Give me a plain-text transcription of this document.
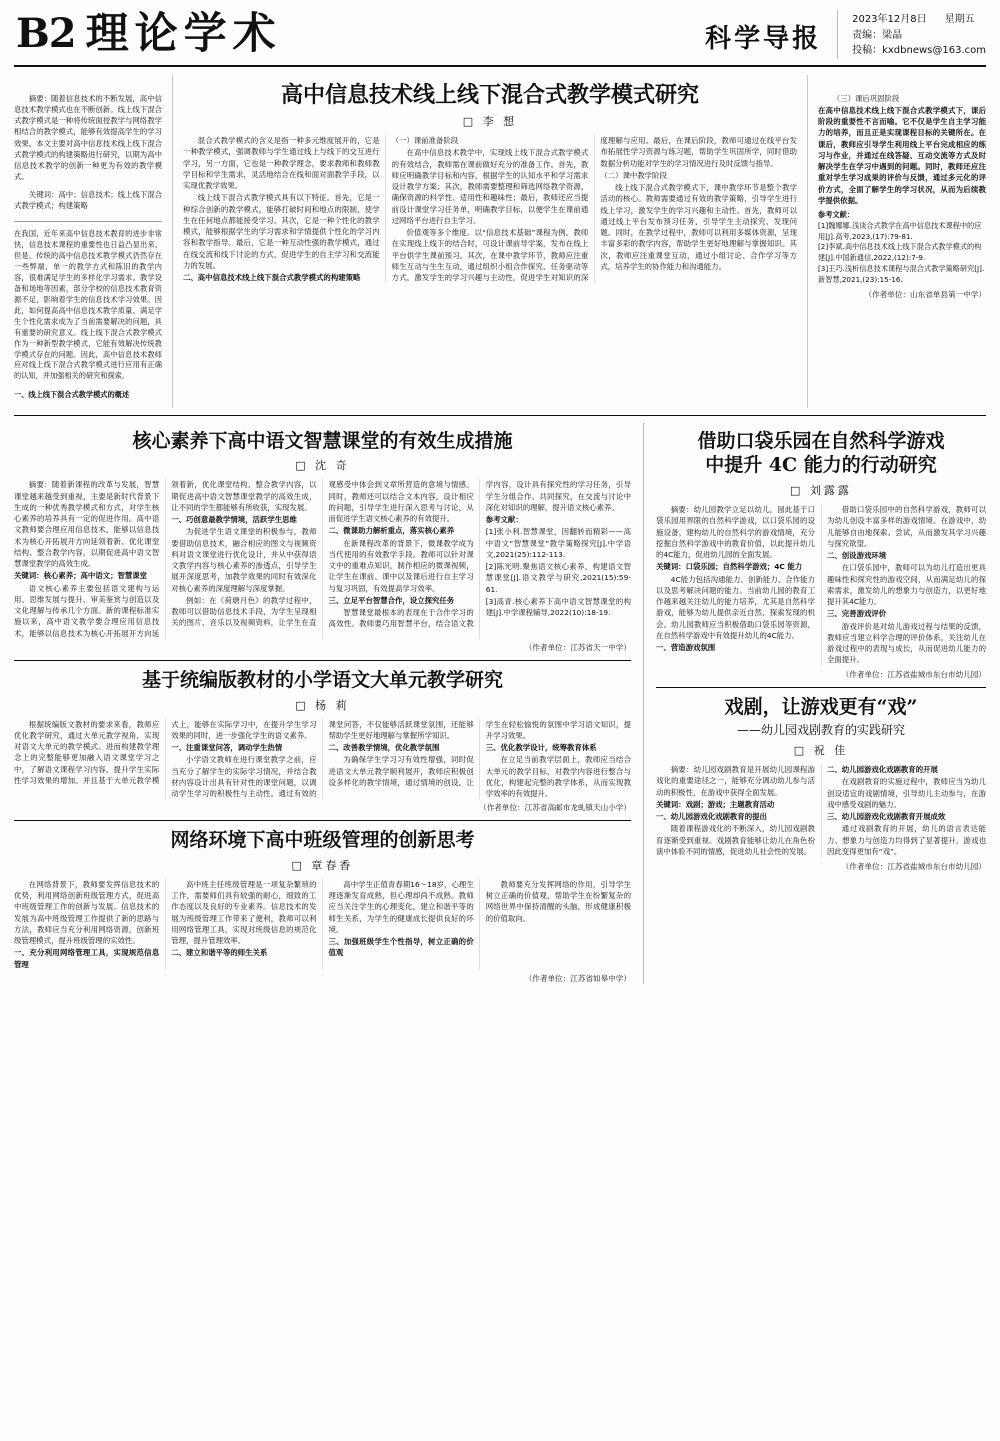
B2 理论学术	科学导报
2023年12月8日 星期五
责编：梁晶
投稿：kxdbnews@163.com

摘要：随着信息技术的不断发展，高中信息技术教学模式也在不断创新。线上线下混合式教学模式是一种将传统面授教学与网络教学相结合的教学模式，能够有效提高学生的学习效果。本文主要对高中信息技术线上线下混合式教学模式的构建策略进行研究，以期为高中信息技术教学的创新一种更为有效的教学模式。

关键词：高中；信息技术；线上线下混合式教学模式；构建策略

在我国，近年来高中信息技术教育的进步非常快，信息技术课程的重要性也日益凸显出来。但是，传统的高中信息技术教学模式仍然存在一些弊端，单一的教学方式和陈旧的教学内容，很难满足学生的多样化学习需求。教学设备和场地等因素，部分学校的信息技术教育资源不足，影响着学生的信息技术学习效果。因此，如何提高高中信息技术教学质量、满足学生个性化需求成为了当前需要解决的问题，具有重要的研究意义。线上线下混合式教学模式作为一种新型教学模式，它能有效解决传统教学模式存在的问题。因此，高中信息技术教师应对线上线下混合式教学模式进行应用有正确的认知，并加强相关的研究和探索。

一、线上线下混合式教学模式的概述

高中信息技术线上线下混合式教学模式研究
□ 李 想

混合式教学模式的含义是指一种多元维度展开的，它是一种教学模式，强调教师与学生通过线上与线下的交互进行学习，另一方面，它也是一种教学理念，要求教师和教师教学目标和学生需求，灵活地结合在线和面对面教学手段，以实现优教学效果。

线上线下混合式教学模式具有以下特征。首先，它是一种综合创新的教学模式，能够打破时间和地点的限制，使学生在任何地点都能接受学习。其次，它是一种个性化的教学模式，能够根据学生的学习需求和学情提供个性化的学习内容和教学指导。最后，它是一种互动性强的教学模式，通过在线交流和线下讨论的方式，促进学生的自主学习和交流能力的发展。

二、高中信息技术线上线下混合式教学模式的构建策略

（一）课前准备阶段

在高中信息技术教学中，实现线上线下混合式教学模式的有效结合，教师需在课前做好充分的准备工作。首先，教师应明确教学目标和内容，根据学生的认知水平和学习需求设计教学方案；其次，教师需要整理和筛选网络教学资源，确保资源的科学性、适用性和趣味性；最后，教师还应当提前设计课堂学习任务单，明确教学目标，以便学生在课前通过网络平台进行自主学习。

价值观等多个维度。以“信息技术基础”课程为例，教师在实现线上线下的结合时，可设计课前导学案，发布在线上平台供学生课前预习。其次，在课中教学环节，教师应注重师生互动与生生互动，通过组织小组合作探究、任务驱动等方式，激发学生的学习兴趣与主动性，促进学生对知识的深度理解与应用。最后，在课后阶段，教师可通过在线平台发布拓展性学习资源与练习题，帮助学生巩固所学，同时借助数据分析功能对学生的学习情况进行及时反馈与指导。

（二）课中教学阶段

线上线下混合式教学模式下，课中教学环节是整个教学活动的核心。教师需要通过有效的教学策略，引导学生进行线上学习，激发学生的学习兴趣和主动性。首先，教师可以通过线上平台发布预习任务，引导学生主动探究、发现问题。同时，在教学过程中，教师可以利用多媒体资源，呈现丰富多彩的教学内容，帮助学生更好地理解与掌握知识。其次，教师应注重课堂互动，通过小组讨论、合作学习等方式，培养学生的协作能力和沟通能力。

（三）课后巩固阶段

在高中信息技术线上线下混合式教学模式下，课后阶段的重要性不言而喻。它不仅是学生自主学习能力的培养，而且正是实现课程目标的关键所在。在课后，教师应引导学生利用线上平台完成相应的练习与作业，并通过在线答疑、互动交流等方式及时解决学生在学习中遇到的问题。同时，教师还应注重对学生学习成果的评价与反馈，通过多元化的评价方式，全面了解学生的学习状况，从而为后续教学提供依据。

参考文献：

[1]魏娜娜.浅谈合式教学在高中信息技术课程中的应用[J].高考,2023,(17):79-81.

[2]李斌.高中信息技术线上线下混合式教学模式的构建[J].中国新通信,2022,(12):7-9.

[3]王巧.浅析信息技术课程与混合式教学策略研究[J].新智慧,2021,(23):15-16.

（作者单位：山东省单县第一中学）
核心素养下高中语文智慧课堂的有效生成措施
□ 沈 奇

摘要：随着新课程的改革与发展，智慧课堂越来越受到重视，主要是新时代背景下生成的一种优秀教学模式和方式，对学生核心素养的培养具有一定的促进作用。高中语文教师要合理应用信息技术，能够以信息技术为核心开拓展开方向延领着新、优化课堂结构、整合教学内容，以期促进高中语文智慧课堂教学的高效生成。

关键词：核心素养；高中语文；智慧课堂

语文核心素养主要包括语文建构与运用、思维发展与提升、审美鉴赏与创造以及文化理解与传承几个方面。新的课程标准实施以来，高中语文教学要合理应用信息技术，能够以信息技术为核心开拓展开方向延领着新，优化课堂结构、整合教学内容，以期促进高中语文智慧课堂教学的高效生成，让不同的学生都能够有所收获，实现发展。

一、巧创意最教学情境，活跃学生思维

为促进学生语文课堂的积极参与，教师要借助信息技术，融合相应的图文与视频资料对语文课堂进行优化设计，并从中获得语文教学内容与核心素养的渗透点，引导学生展开深度思考，加教学效果的同时有效深化对核心素养的深度理解与深度掌握。

例如：在《荷塘月色》的教学过程中，教师可以借助信息技术手段，为学生呈现相关的图片、音乐以及视频资料，让学生在直观感受中体会到文章所营造的意境与情感。同时，教师还可以结合文本内容，设计相应的问题，引导学生进行深入思考与讨论，从而促进学生语文核心素养的有效提升。

二、微课助力解析重点，落实核心素养

在新课程改革的背景下，微课教学成为当代使用的有效教学手段。教师可以针对课文中的重难点知识，制作相应的微课视频，让学生在课前、课中以及课后进行自主学习与复习巩固，有效提高学习效率。

三、立足平台智慧合作，设立探究任务

智慧课堂最根本的表现在于合作学习的高效性。教师要巧用智慧平台，结合语文教学内容，设计具有探究性的学习任务，引导学生分组合作、共同探究，在交流与讨论中深化对知识的理解，提升语文核心素养。

参考文献：

[1]张小利.智慧课堂，因翻转而精彩——高中语文“智慧课堂”教学策略探究[J].中学语文,2021(25):112-113.

[2]陈光明.聚焦语文核心素养，构建语文智慧课堂[J].语文教学与研究,2021(15):59-61.

[3]高青.核心素养下高中语文智慧课堂的构建[J].中学课程辅导,2022(10):18-19.

（作者单位：江苏省天一中学）
基于统编版教材的小学语文大单元教学研究
□ 杨 莉

根据统编版文教材的要求来看，教师应优化教学研究，通过大单元教学视角，实现对语文大单元的教学模式、进而构建教学理念上的完整能够更加融入语文课堂学习之中，了解语文课程学习内容，提升学生实际性学习效果的增加。并且基于大单元教学模式上，能够在实际学习中，在提升学生学习效果的同时，进一步强化学生的语文素养。

一、注重课堂问答，调动学生热情

小学语文教师在进行课堂教学之前，应当充分了解学生的实际学习情况，并结合教材内容设计出具有针对性的课堂问题，以调动学生学习的积极性与主动性。通过有效的课堂问答，不仅能够活跃课堂氛围，还能够帮助学生更好地理解与掌握所学知识。

二、改善教学情境，优化教学氛围

为确保学生学习习有效性增强，同时促进语文大单元教学顺利展开，教师应积极创设多样化的教学情境，通过情境的创设，让学生在轻松愉悦的氛围中学习语文知识，提升学习效果。

三、优化教学设计，统筹教育体系

在立足当前教学层面上，教师应当结合大单元的教学目标，对教学内容进行整合与优化，构建起完整的教学体系，从而实现教学效率的有效提升。

（作者单位：江苏省高邮市龙虬镇天山小学）
网络环境下高中班级管理的创新思考
□ 章春香

在网络背景下，教师要发挥信息技术的优势，利用网络创新班级管理方式，促进高中班级管理工作的创新与发展。信息技术的发展为高中班级管理工作提供了新的思路与方法，教师应当充分利用网络资源，创新班级管理模式，提升班级管理的实效性。

一、充分利用网络管理工具，实现规范信息管理

高中班主任班级管理是一项复杂繁琐的工作，需要师们具有较强的耐心，细致的工作态度以及良好的专业素养。信息技术的发展为班级管理工作带来了便利，教师可以利用网络管理工具，实现对班级信息的规范化管理，提升管理效率。

二、建立和谐平等的师生关系

高中学生正值青春期16～18岁，心理生理逐渐发育成熟，但心理却尚不成熟。教师应当关注学生的心理变化，建立和谐平等的师生关系，为学生的健康成长提供良好的环境。

三、加强班级学生个性指导，树立正确的价值观

教师要充分发挥网络的作用，引导学生树立正确的价值观，帮助学生在纷繁复杂的网络世界中保持清醒的头脑，形成健康积极的价值取向。

（作者单位：江苏省如皋中学）
借助口袋乐园在自然科学游戏
中提升 4C 能力的行动研究
□ 刘露露

摘要：幼儿园教学立足以幼儿，园此基于口袋乐园用界限的自然科学游戏，以口袋乐园的设施设备，建构幼儿的自然科学的游戏情境，充分挖掘自然科学游戏中的教育价值，以此提升幼儿的4C能力，促进幼儿园的全面发展。

关键词：口袋乐园；自然科学游戏；4C 能力

4C能力包括沟通能力、创新能力、合作能力以及思考解决问题的能力。当前幼儿园的教育工作越来越关注幼儿的能力培养，尤其是自然科学游戏，能够为幼儿提供亲近自然、探索发现的机会。幼儿园教师应当积极借助口袋乐园等资源，在自然科学游戏中有效提升幼儿的4C能力。

一、营造游戏氛围

借助口袋乐园中的自然科学游戏，教师可以为幼儿创设丰富多样的游戏情境。在游戏中，幼儿能够自由地探索、尝试，从而激发其学习兴趣与探究欲望。

二、创设游戏环境

在口袋乐园中，教师可以为幼儿打造出更具趣味性和探究性的游戏空间，从而满足幼儿的探索需求，激发幼儿的想象力与创造力，以更好地提升其4C能力。

三、完善游戏评价

游戏评价是对幼儿游戏过程与结果的反馈，教师应当建立科学合理的评价体系，关注幼儿在游戏过程中的表现与成长，从而促进幼儿能力的全面提升。

（作者单位：江苏省盐城市东台市幼儿园）
戏剧，让游戏更有“戏”
——幼儿园戏剧教育的实践研究
□ 祝 佳

摘要：幼儿园戏剧教育是开展幼儿园课程游戏化的重要途径之一，能够充分调动幼儿参与活动的积极性，在游戏中获得全面发展。

关键词：戏剧；游戏；主题教育活动

一、幼儿园游戏化戏剧教育的提出

随着课程游戏化的不断深入，幼儿园戏剧教育逐渐受到重视。戏剧教育能够让幼儿在角色扮演中体验不同的情感，促进幼儿社会性的发展。

二、幼儿园游戏化戏剧教育的开展

在戏剧教育的实施过程中，教师应当为幼儿创设适宜的戏剧情境，引导幼儿主动参与，在游戏中感受戏剧的魅力。

三、幼儿园游戏化戏剧教育开展成效

通过戏剧教育的开展，幼儿的语言表达能力、想象力与创造力均得到了显著提升，游戏也因此变得更加有“戏”。

（作者单位：江苏省盐城市东台市幼儿园）
